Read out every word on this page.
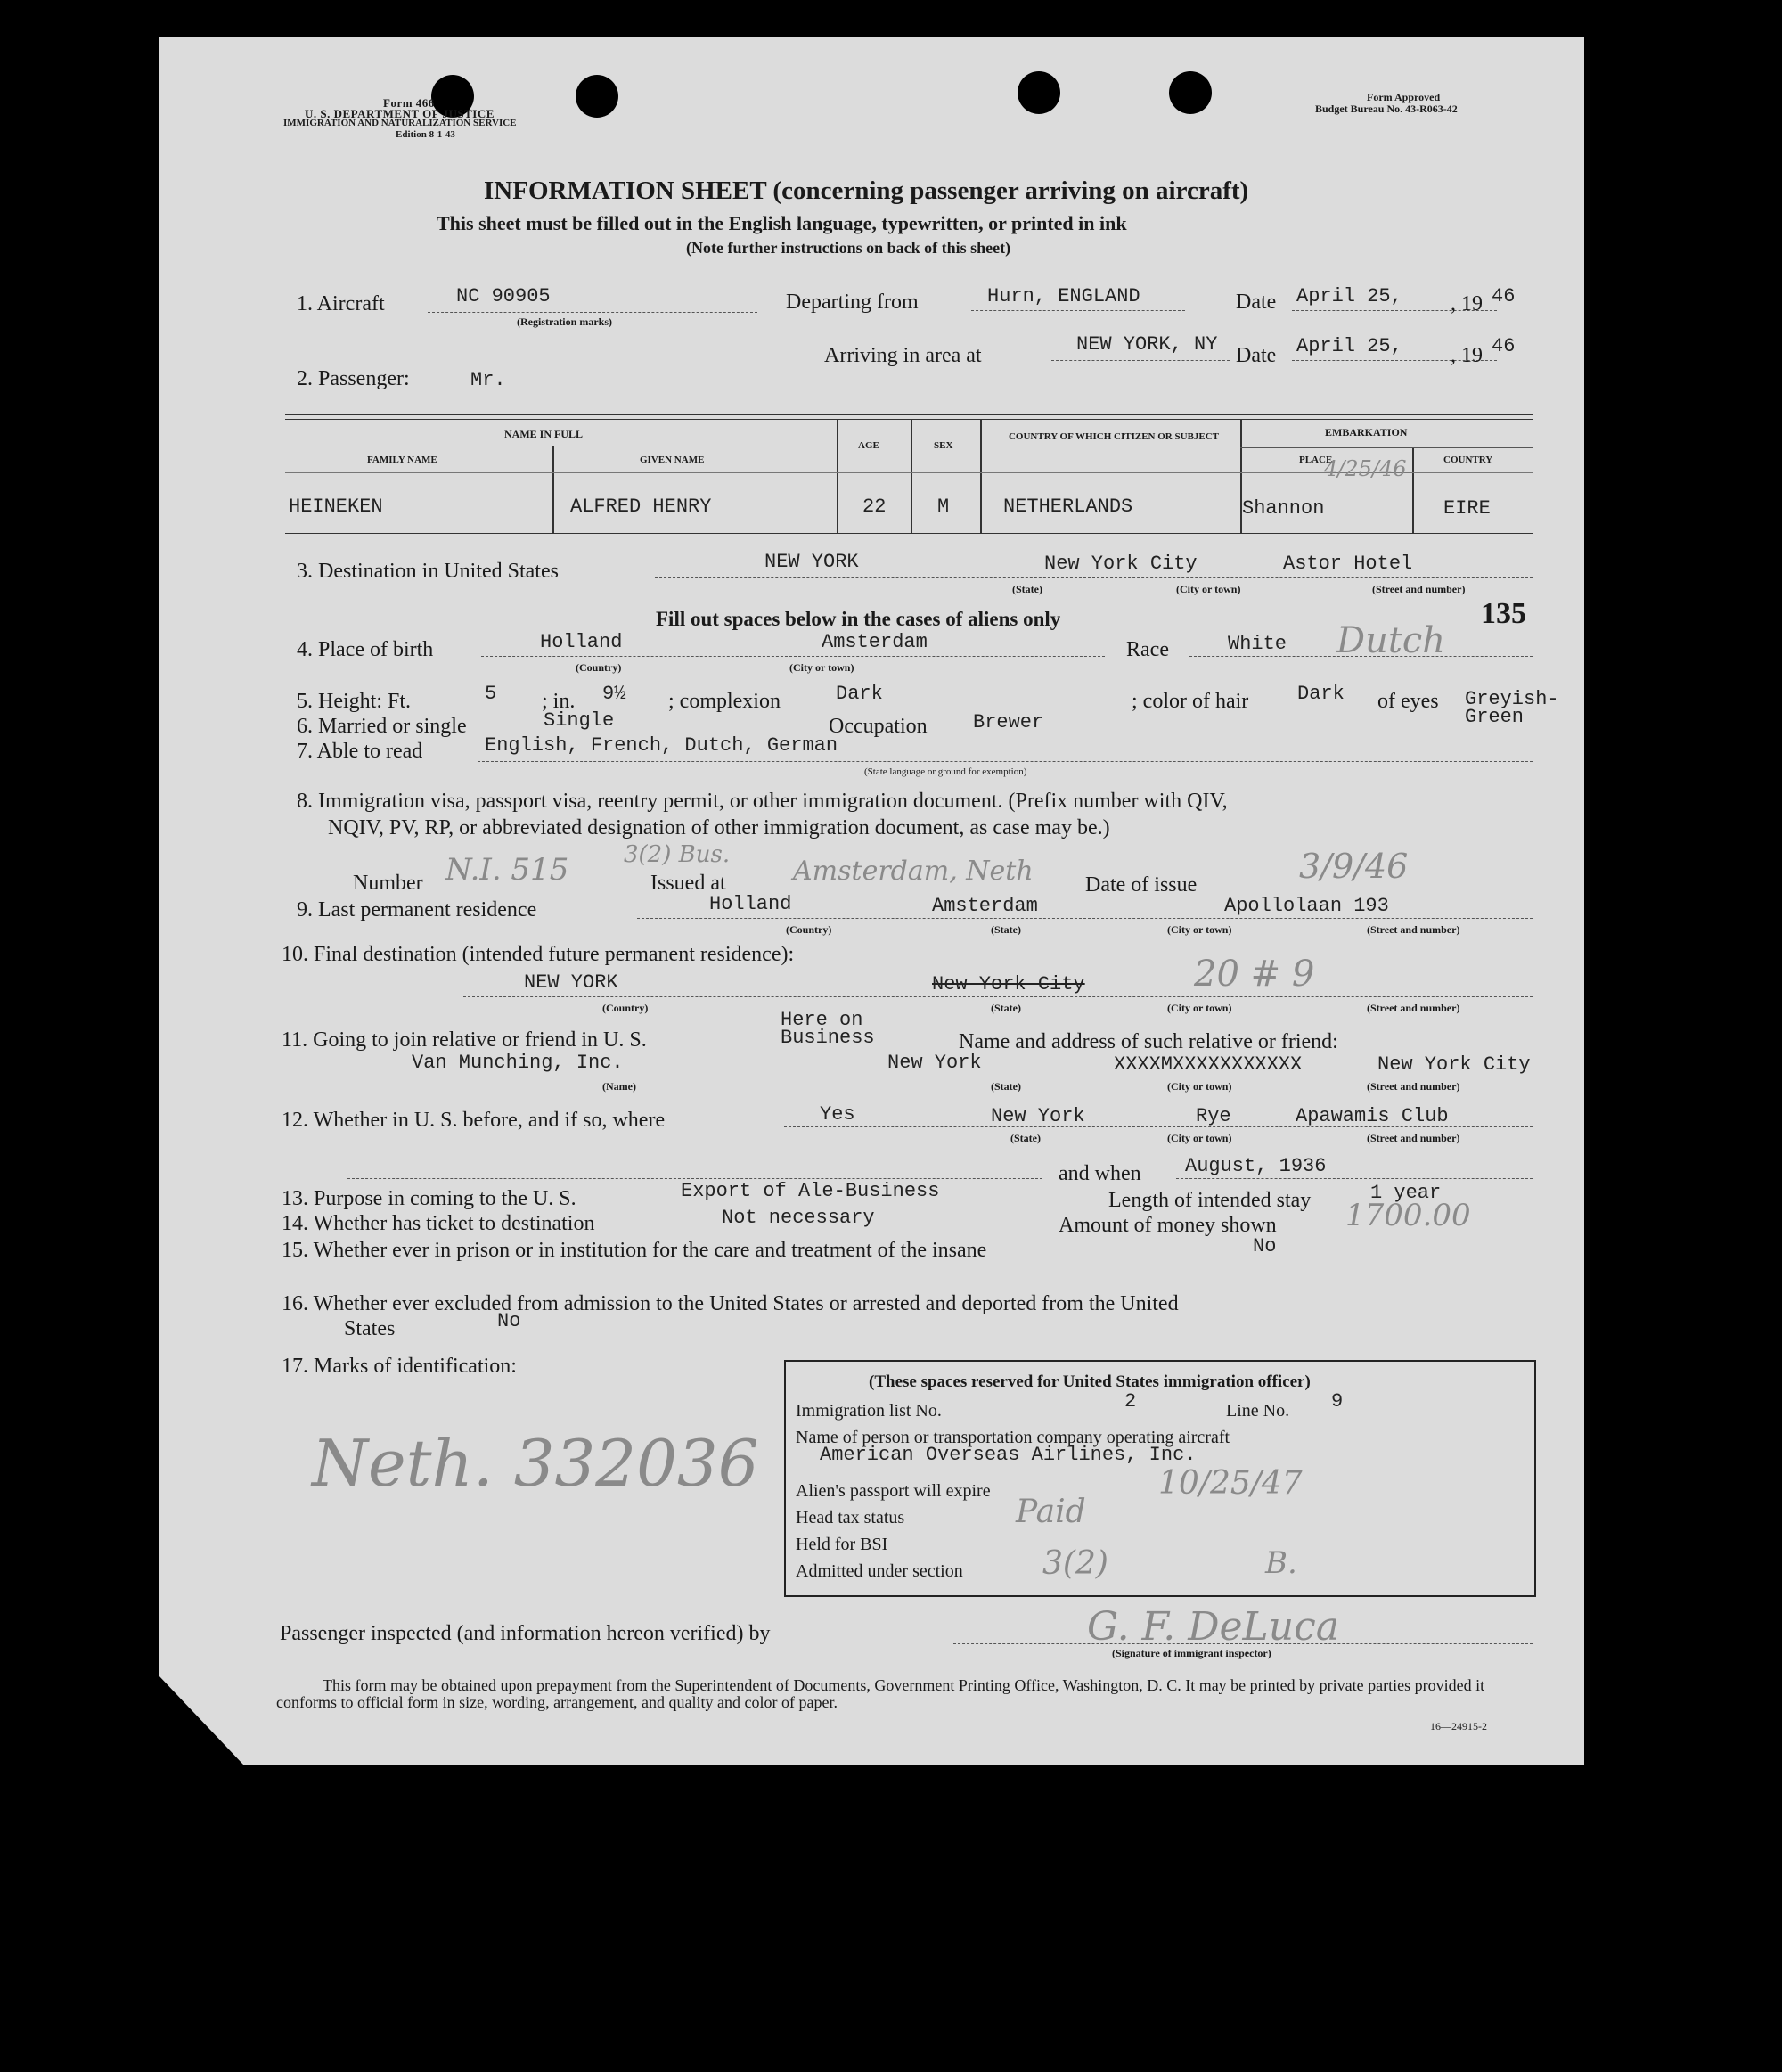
Form 466
U. S. DEPARTMENT OF JUSTICE
IMMIGRATION AND NATURALIZATION SERVICE
Edition 8-1-43
Form Approved
Budget Bureau No. 43-R063-42
INFORMATION SHEET (concerning passenger arriving on aircraft)
This sheet must be filled out in the English language, typewritten, or printed in ink
(Note further instructions on back of this sheet)
1. Aircraft	NC 90905
(Registration marks)
Departing from	Hurn, ENGLAND	Date April 25, , 19 46
Arriving in area at	NEW YORK, NY Date April 25, , 19 46
2. Passenger:	Mr.
NAME IN FULL
FAMILY NAME	GIVEN NAME
AGE	SEX
COUNTRY OF WHICH CITIZEN OR SUBJECT	EMBARKATION
PLACE	COUNTRY
4/25/46
HEINEKEN	ALFRED HENRY	22	M	NETHERLANDS	Shannon	EIRE
3. Destination in United States	NEW YORK	New York City	Astor Hotel
(State)	(City or town)	(Street and number)
Fill out spaces below in the cases of aliens only	135
4. Place of birth	Holland	Amsterdam
(Country)	(City or town)
Race	White Dutch
5. Height: Ft.	5 ; in. 9½ ; complexion	Dark	; color of hair Dark of eyes Greyish-
Green
6. Married or single	Single	Occupation Brewer
7. Able to read	English, French, Dutch, German
(State language or ground for exemption)
8. Immigration visa, passport visa, reentry permit, or other immigration document. (Prefix number with QIV,
NQIV, PV, RP, or abbreviated designation of other immigration document, as case may be.)
Number N.I. 515 3(2) Bus.
Issued at	Amsterdam, Neth Date of issue	3/9/46
9. Last permanent residence	Holland	Amsterdam	Apollolaan 193
(Country)	(State)	(City or town)	(Street and number)
10. Final destination (intended future permanent residence):
NEW YORK	New York City	20 # 9
(Country)	(State)	(City or town)	(Street and number)
11. Going to join relative or friend in U. S.
Here on
Business	Name and address of such relative or friend:
Van Munching, Inc.	New York	XXXXMXXXXXXXXXXX	New York City
(Name)	(State)	(City or town)	(Street and number)
12. Whether in U. S. before, and if so, where	Yes	New York	Rye	Apawamis Club
(State)	(City or town)	(Street and number)
and when August, 1936
13. Purpose in coming to the U. S.	Export of Ale-Business	Length of intended stay	1 year
14. Whether has ticket to destination	Not necessary	Amount of money shown 1700.00
15. Whether ever in prison or in institution for the care and treatment of the insane	No
16. Whether ever excluded from admission to the United States or arrested and deported from the United
States	No
17. Marks of identification:
Neth. 332036
(These spaces reserved for United States immigration officer)
Immigration list No.	2	Line No. 9
Name of person or transportation company operating aircraft
American Overseas Airlines, Inc.
Alien's passport will expire	10/25/47
Head tax status	Paid
Held for BSI
Admitted under section 3(2)	B.
Passenger inspected (and information hereon verified) by	G. F. DeLuca
(Signature of immigrant inspector)
This form may be obtained upon prepayment from the Superintendent of Documents, Government Printing Office, Washington, D. C. It may be printed by private parties provided it conforms to official form in size, wording, arrangement, and quality and color of paper.
16—24915-2
